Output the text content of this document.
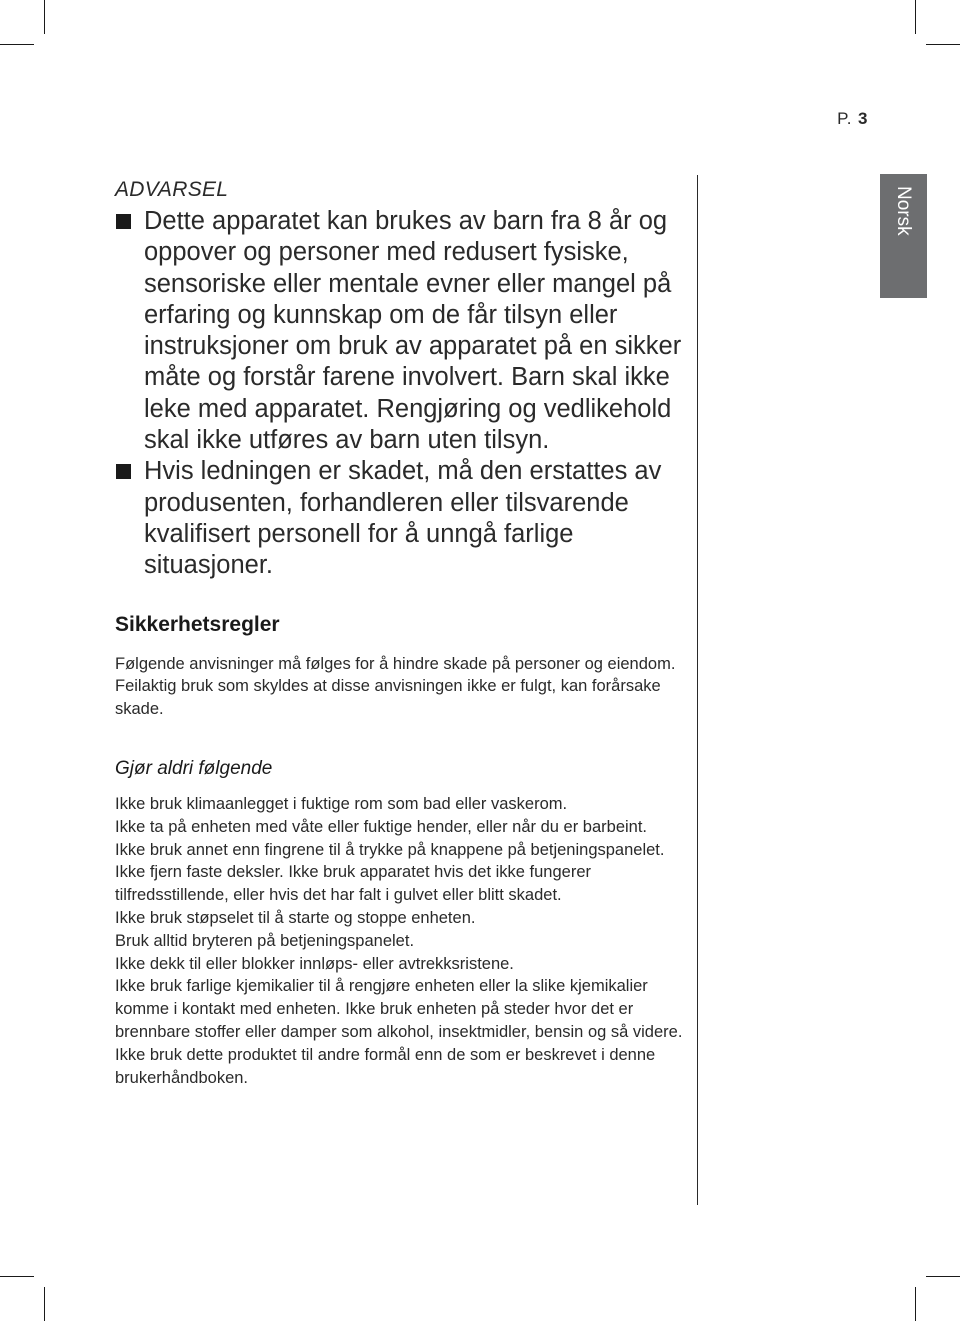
P. 3
Norsk
ADVARSEL
Dette apparatet kan brukes av barn fra 8 år og oppover og personer med redusert fysiske, sensoriske eller mentale evner eller mangel på erfaring og kunnskap om de får tilsyn eller instruksjoner om bruk av apparatet på en sikker måte og forstår farene involvert. Barn skal ikke leke med apparatet. Rengjøring og vedlikehold skal ikke utføres av barn uten tilsyn.
Hvis ledningen er skadet, må den erstattes av produsenten, forhandleren eller tilsvarende kvalifisert personell for å unngå farlige situasjoner.
Sikkerhetsregler

Følgende anvisninger må følges for å hindre skade på personer og eiendom. Feilaktig bruk som skyldes at disse anvisningen ikke er fulgt, kan forårsake skade.

Gjør aldri følgende
Ikke bruk klimaanlegget i fuktige rom som bad eller vaskerom.
Ikke ta på enheten med våte eller fuktige hender, eller når du er barbeint.
Ikke bruk annet enn fingrene til å trykke på knappene på betjeningspanelet.
Ikke fjern faste deksler. Ikke bruk apparatet hvis det ikke fungerer tilfredsstillende, eller hvis det har falt i gulvet eller blitt skadet.
Ikke bruk støpselet til å starte og stoppe enheten.
Bruk alltid bryteren på betjeningspanelet.
Ikke dekk til eller blokker innløps- eller avtrekksristene.
Ikke bruk farlige kjemikalier til å rengjøre enheten eller la slike kjemikalier komme i kontakt med enheten. Ikke bruk enheten på steder hvor det er brennbare stoffer eller damper som alkohol, insektmidler, bensin og så videre.
Ikke bruk dette produktet til andre formål enn de som er beskrevet i denne brukerhåndboken.
